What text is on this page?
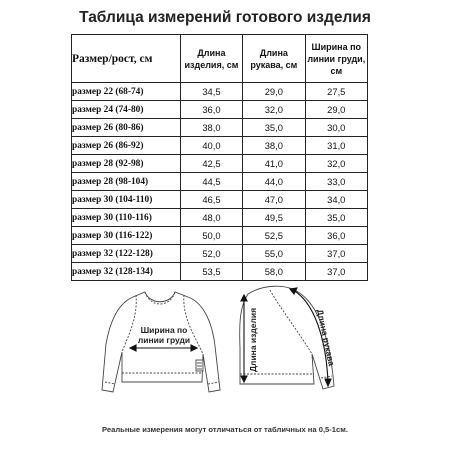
Таблица измерений готового изделия
Размер/рост, см	Длина изделия, см	Длина рукава, см	Ширина по линии груди, см
размер 22 (68-74)	34,5	29,0	27,5
размер 24 (74-80)	36,0	32,0	29,0
размер 26 (80-86)	38,0	35,0	30,0
размер 26 (86-92)	40,0	38,0	31,0
размер 28 (92-98)	42,5	41,0	32,0
размер 28 (98-104)	44,5	44,0	33,0
размер 30 (104-110)	46,5	47,0	34,0
размер 30 (110-116)	48,0	49,5	35,0
размер 30 (116-122)	50,0	52,5	36,0
размер 32 (122-128)	52,0	55,0	37,0
размер 32 (128-134)	53,5	58,0	37,0
Ширина по
линии груди	Длина изделия	Длина рукава
Реальные измерения могут отличаться от табличных на 0,5-1см.
